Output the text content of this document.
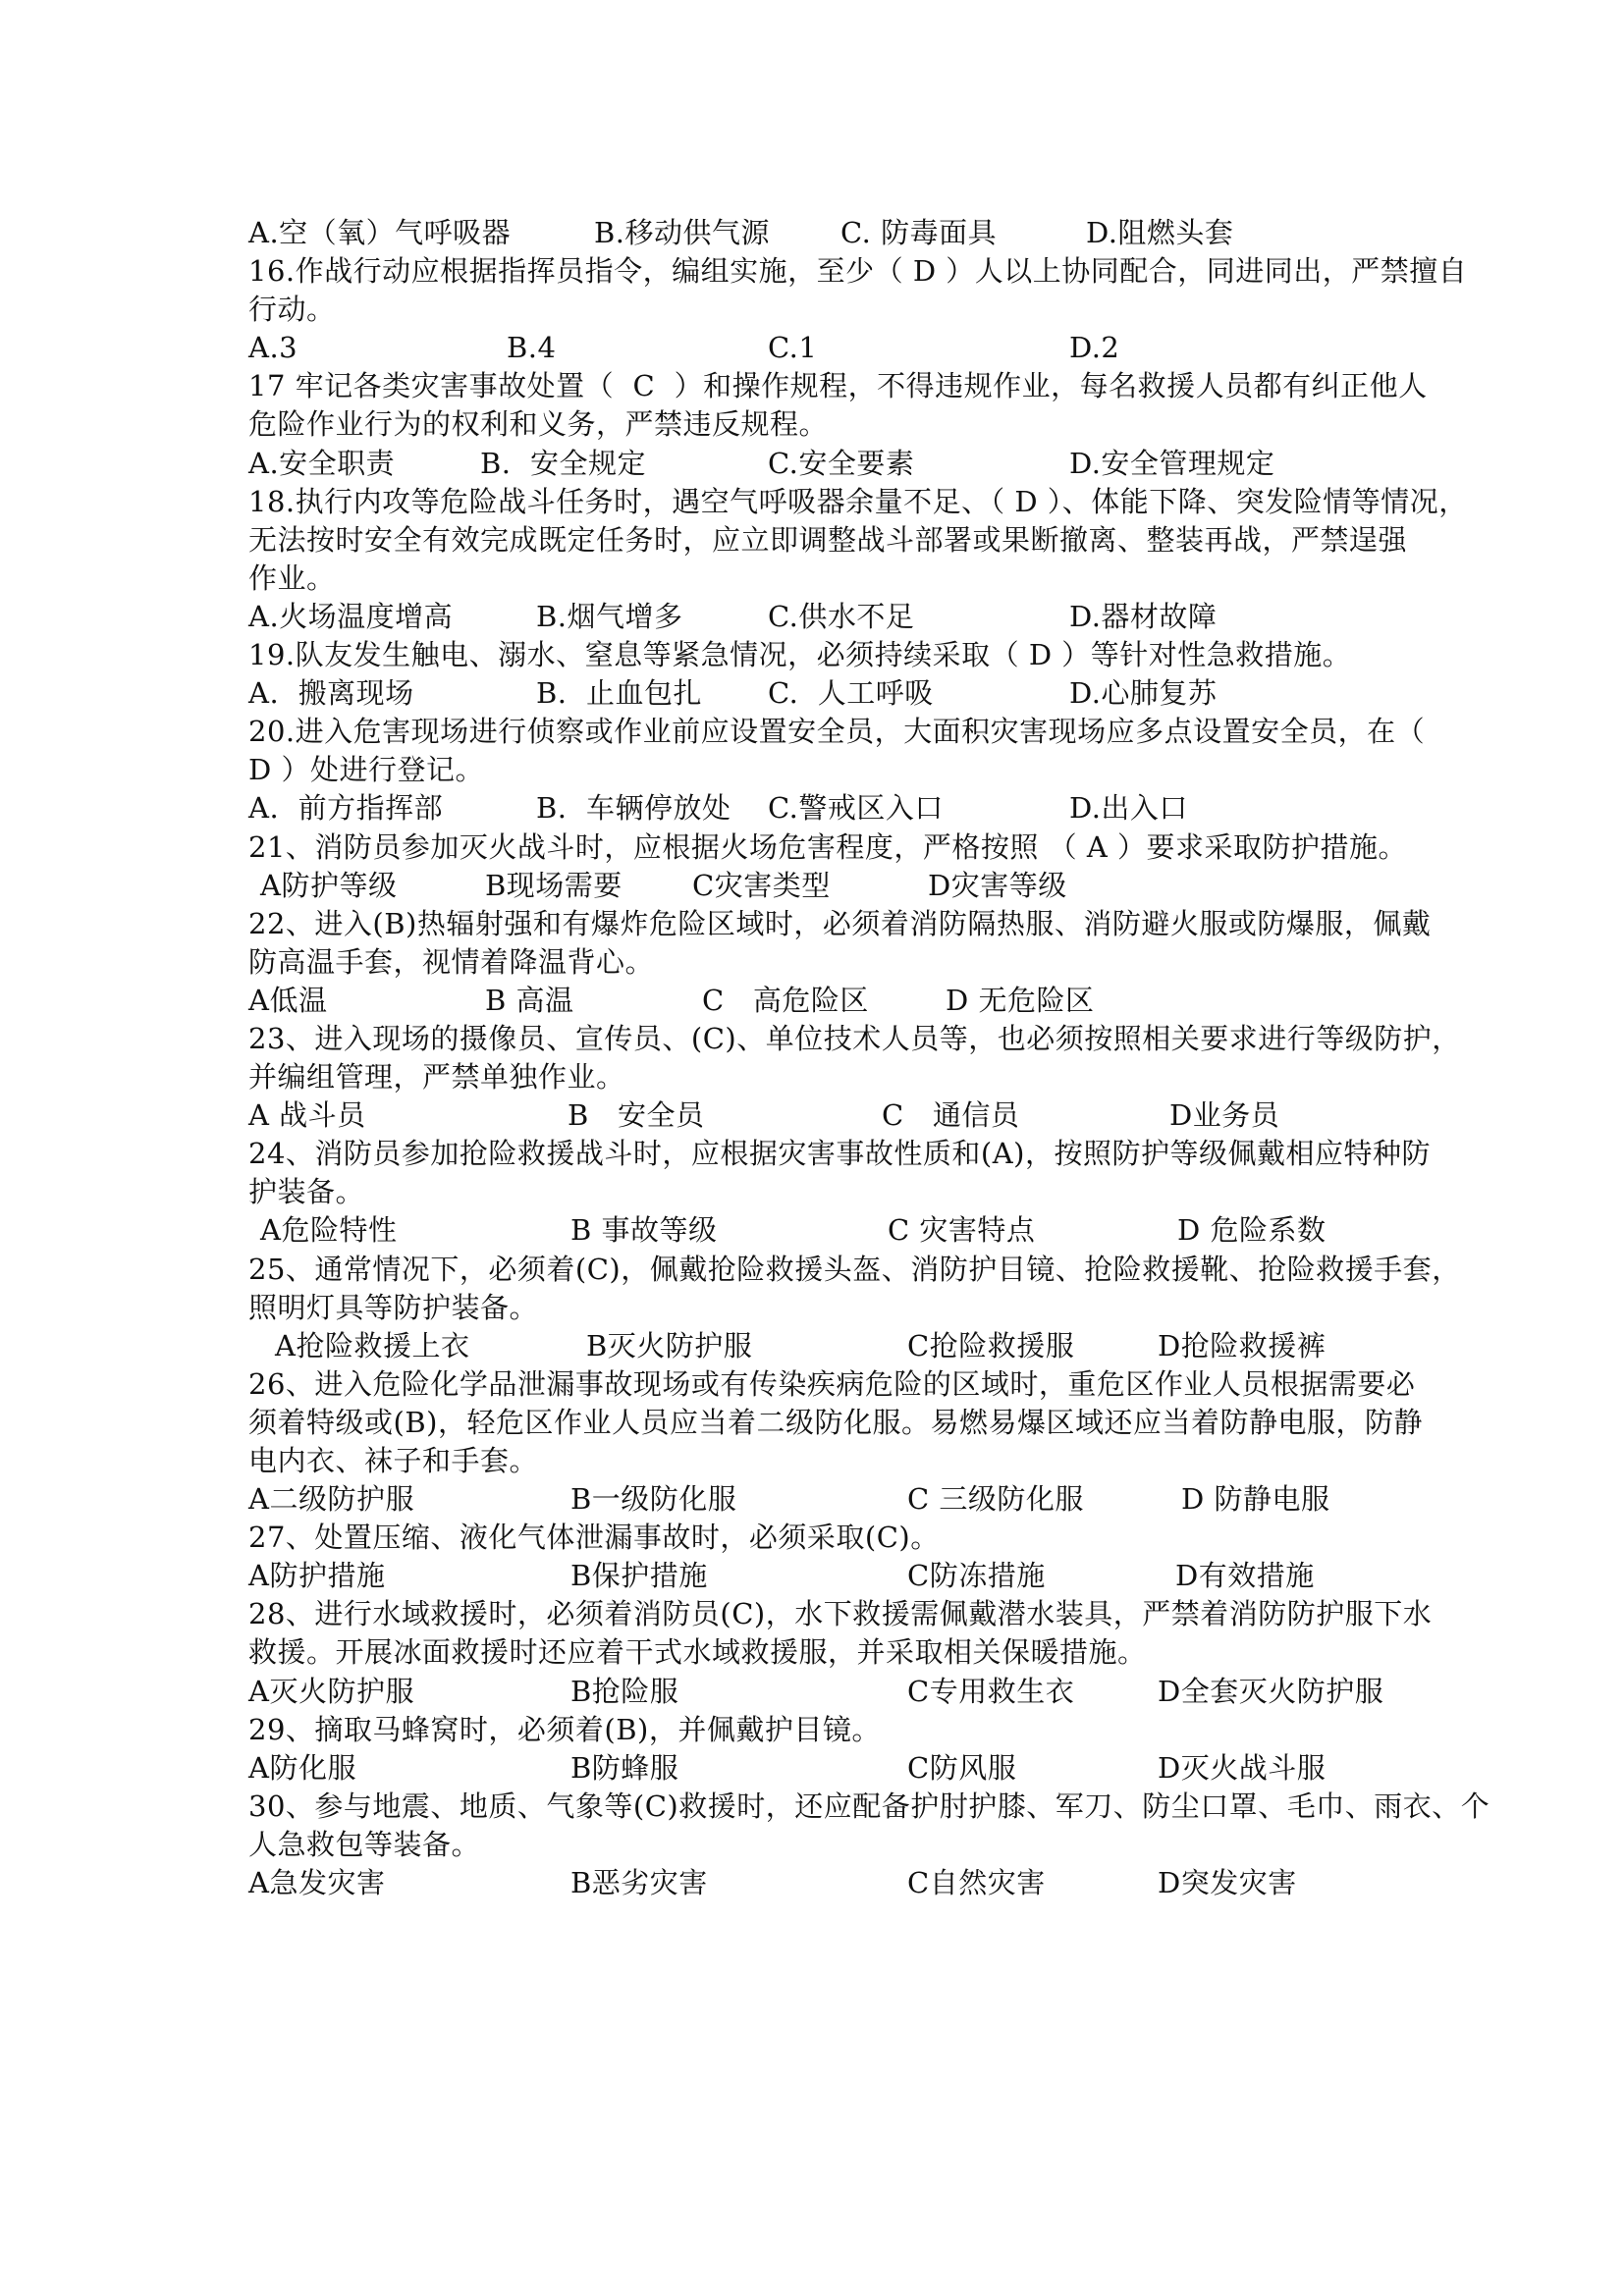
A.空（氧）气呼吸器	B.移动供气源 C. 防毒面具	D.阻燃头套
16.作战行动应根据指挥员指令，编组实施，至少（ D ）人以上协同配合，同进同出，严禁擅自
行动。
A.3	B.4	C.1	D.2
17 牢记各类灾害事故处置（  C  ）和操作规程，不得违规作业，每名救援人员都有纠正他人
危险作业行为的权利和义务，严禁违反规程。
A.安全职责	B.  安全规定	C.安全要素	D.安全管理规定
18.执行内攻等危险战斗任务时，遇空气呼吸器余量不足、（ D ）、体能下降、突发险情等情况，
无法按时安全有效完成既定任务时，应立即调整战斗部署或果断撤离、整装再战，严禁逞强
作业。
A.火场温度增高	B.烟气增多	C.供水不足	D.器材故障
19.队友发生触电、溺水、窒息等紧急情况，必须持续采取（ D ）等针对性急救措施。
A.  搬离现场	B.  止血包扎 C.  人工呼吸	D.心肺复苏
20.进入危害现场进行侦察或作业前应设置安全员，大面积灾害现场应多点设置安全员，在（
D ）处进行登记。
A.  前方指挥部	B.  车辆停放处 C.警戒区入口	D.出入口
21、消防员参加灭火战斗时，应根据火场危害程度，严格按照 （ A ）要求采取防护措施。
A防护等级	B现场需要 C灾害类型	D灾害等级
22、进入(B)热辐射强和有爆炸危险区域时，必须着消防隔热服、消防避火服或防爆服，佩戴
防高温手套，视情着降温背心。
A低温	B 高温	C   高危险区	D 无危险区
23、进入现场的摄像员、宣传员、(C)、单位技术人员等，也必须按照相关要求进行等级防护，
并编组管理，严禁单独作业。
A 战斗员	B   安全员	C   通信员	D业务员
24、消防员参加抢险救援战斗时，应根据灾害事故性质和(A)，按照防护等级佩戴相应特种防
护装备。
A危险特性	B 事故等级	C 灾害特点	D 危险系数
25、通常情况下，必须着(C)，佩戴抢险救援头盔、消防护目镜、抢险救援靴、抢险救援手套，
照明灯具等防护装备。
A抢险救援上衣	B灭火防护服	C抢险救援服	D抢险救援裤
26、进入危险化学品泄漏事故现场或有传染疾病危险的区域时，重危区作业人员根据需要必
须着特级或(B)，轻危区作业人员应当着二级防化服。易燃易爆区域还应当着防静电服，防静
电内衣、袜子和手套。
A二级防护服	B一级防化服	C 三级防化服	D 防静电服
27、处置压缩、液化气体泄漏事故时，必须采取(C)。
A防护措施	B保护措施	C防冻措施	D有效措施
28、进行水域救援时，必须着消防员(C)，水下救援需佩戴潜水装具，严禁着消防防护服下水
救援。开展冰面救援时还应着干式水域救援服，并采取相关保暖措施。
A灭火防护服	B抢险服	C专用救生衣	D全套灭火防护服
29、摘取马蜂窝时，必须着(B)，并佩戴护目镜。
A防化服	B防蜂服	C防风服	D灭火战斗服
30、参与地震、地质、气象等(C)救援时，还应配备护肘护膝、军刀、防尘口罩、毛巾、雨衣、个
人急救包等装备。
A急发灾害	B恶劣灾害	C自然灾害	D突发灾害
